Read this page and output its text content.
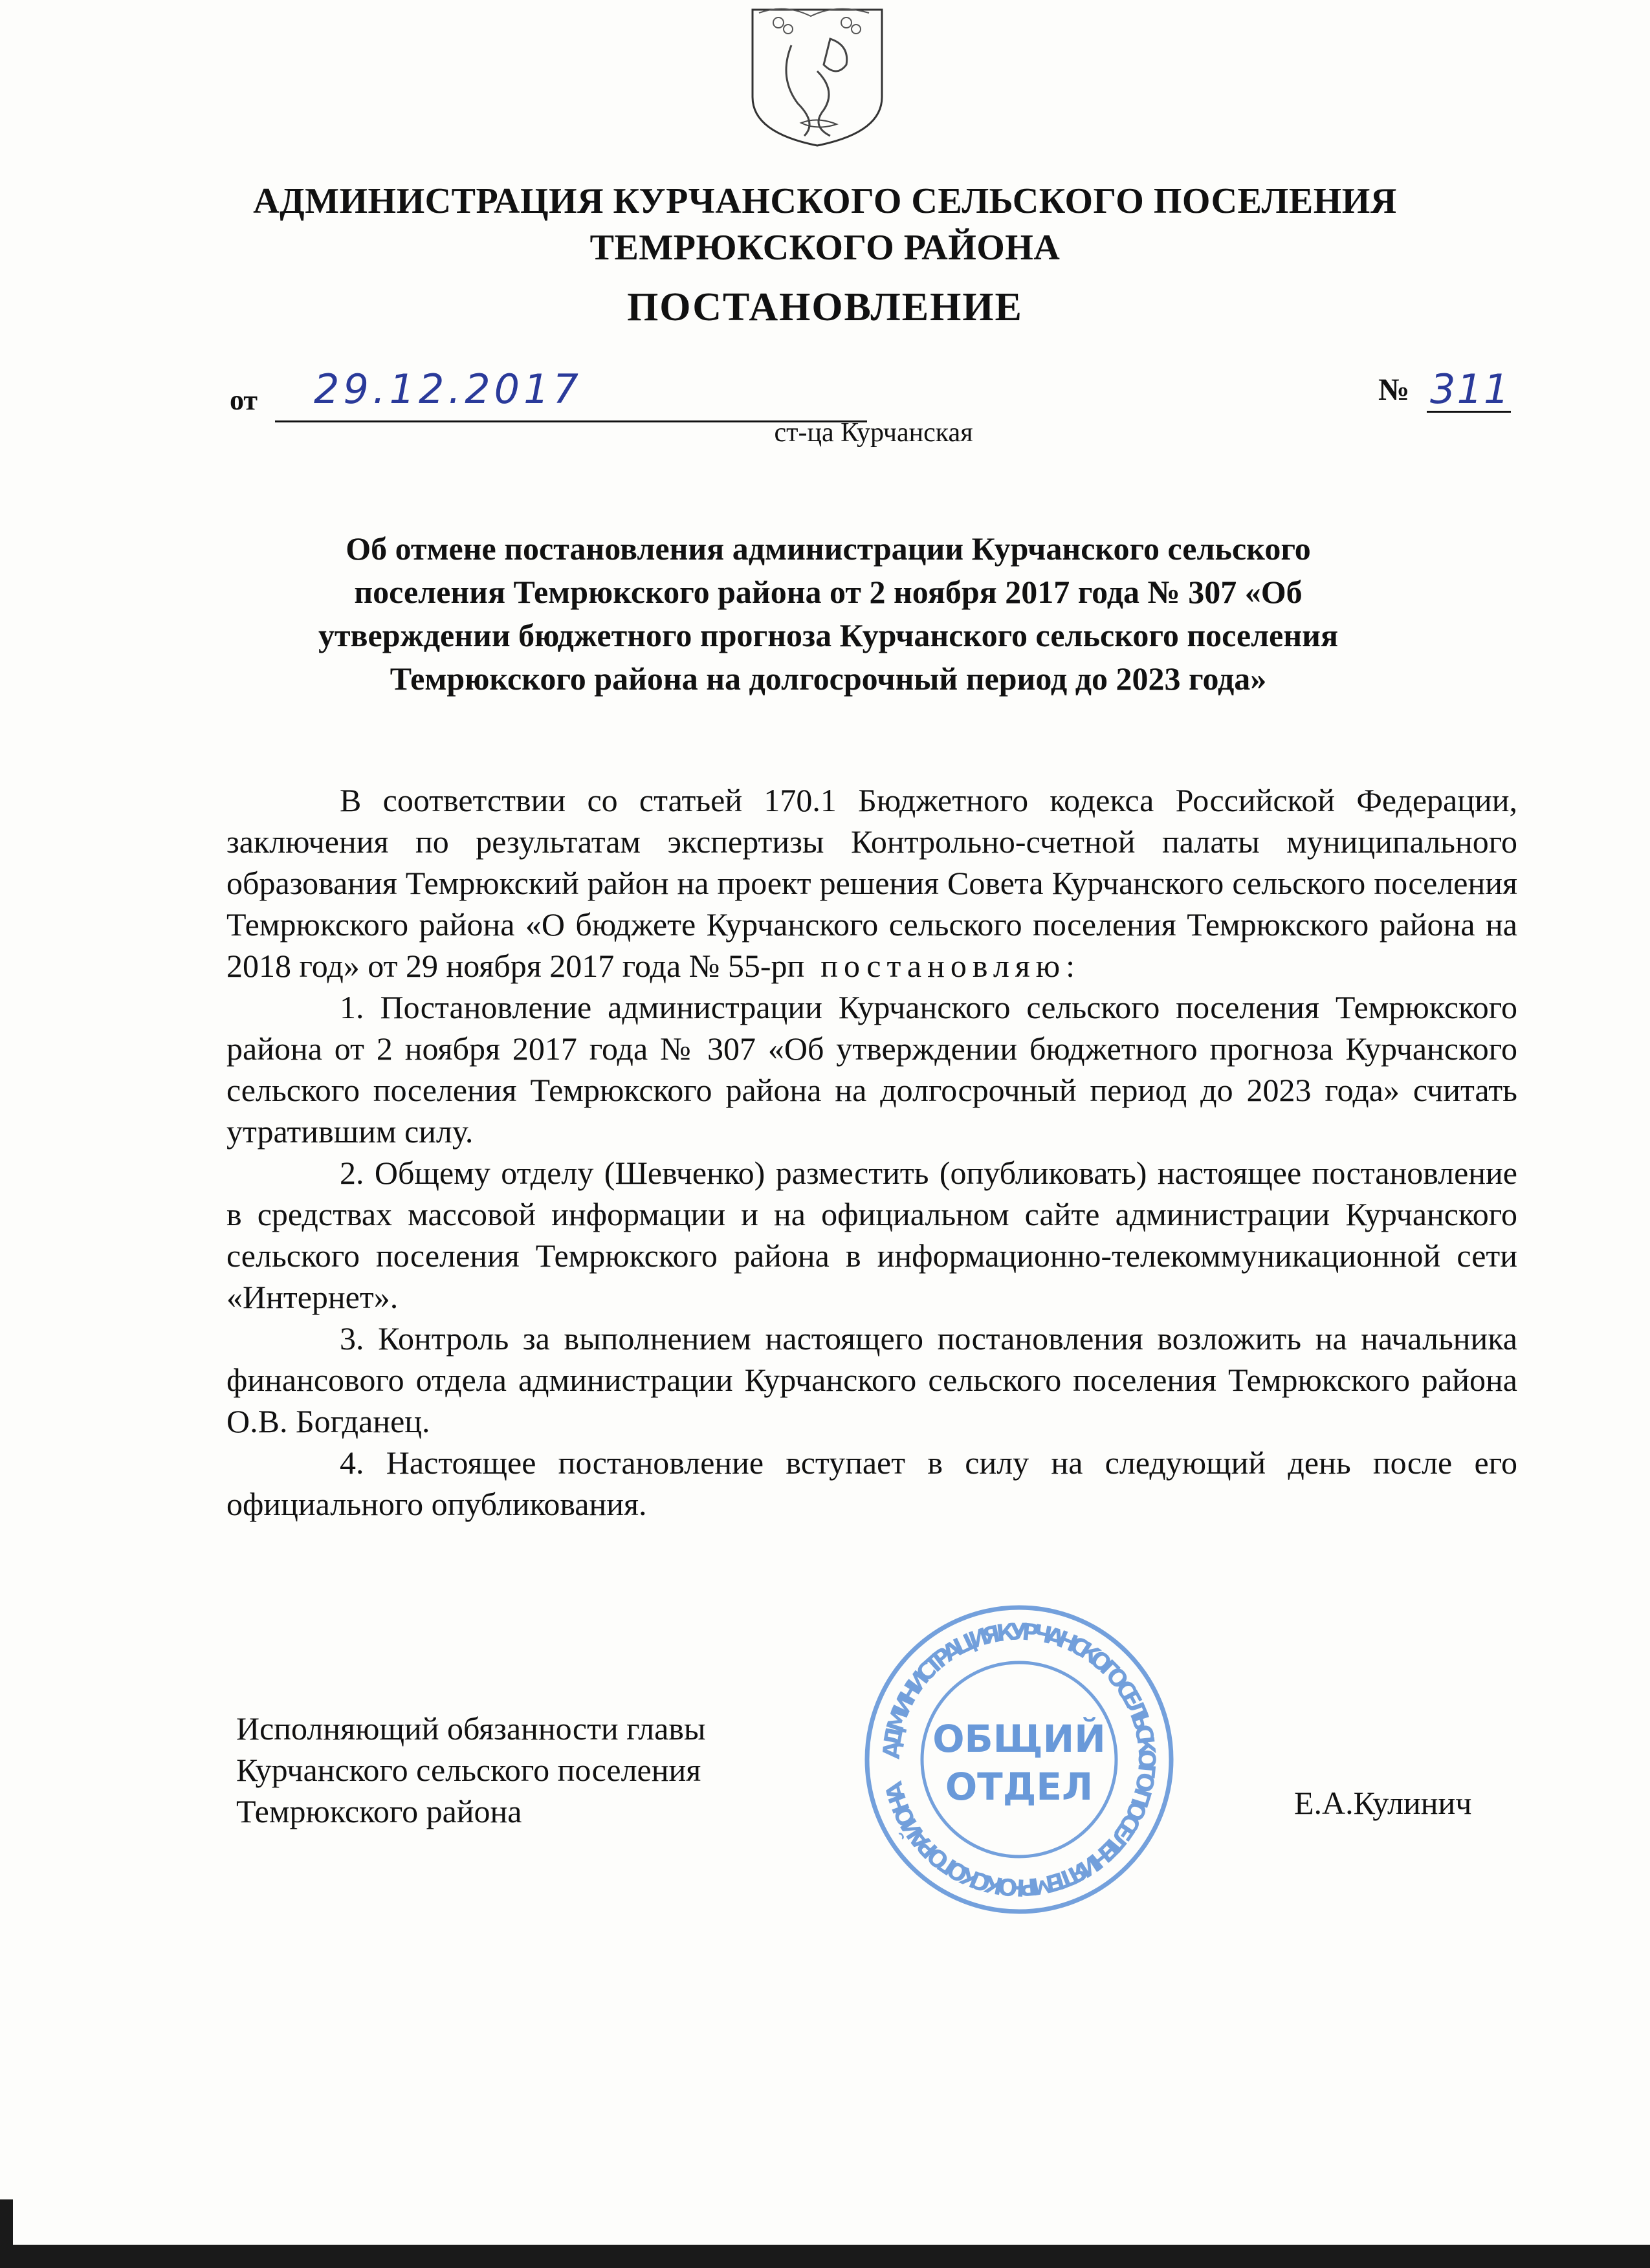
АДМИНИСТРАЦИЯ КУРЧАНСКОГО СЕЛЬСКОГО ПОСЕЛЕНИЯ
ТЕМРЮКСКОГО РАЙОНА
ПОСТАНОВЛЕНИЕ
от 29.12.2017	№ 311
ст-ца Курчанская
Об отмене постановления администрации Курчанского сельского
поселения Темрюкского района от 2 ноября 2017 года № 307 «Об
утверждении бюджетного прогноза Курчанского сельского поселения
Темрюкского района на долгосрочный период до 2023 года»

В соответствии со статьей 170.1 Бюджетного кодекса Российской Федерации, заключения по результатам экспертизы Контрольно-счетной палаты муниципального образования Темрюкский район на проект решения Совета Курчанского сельского поселения Темрюкского района «О бюджете Курчанского сельского поселения Темрюкского района на 2018 год» от 29 ноября 2017 года № 55-рп постановляю:

1. Постановление администрации Курчанского сельского поселения Темрюкского района от 2 ноября 2017 года № 307 «Об утверждении бюджетного прогноза Курчанского сельского поселения Темрюкского района на долгосрочный период до 2023 года» считать утратившим силу.

2. Общему отделу (Шевченко) разместить (опубликовать) настоящее постановление в средствах массовой информации и на официальном сайте администрации Курчанского сельского поселения Темрюкского района в информационно-телекоммуникационной сети «Интернет».

3. Контроль за выполнением настоящего постановления возложить на начальника финансового отдела администрации Курчанского сельского поселения Темрюкского района О.В. Богданец.

4. Настоящее постановление вступает в силу на следующий день после его официального опубликования.

Исполняющий обязанности главы
Курчанского сельского поселения
Темрюкского района	Е.А.Кулинич
АДМИНИСТРАЦИЯ КУРЧАНСКОГО СЕЛЬСКОГО ПОСЕЛЕНИЯ ТЕМРЮКСКОГО РАЙОНА
ОБЩИЙ
ОТДЕЛ
